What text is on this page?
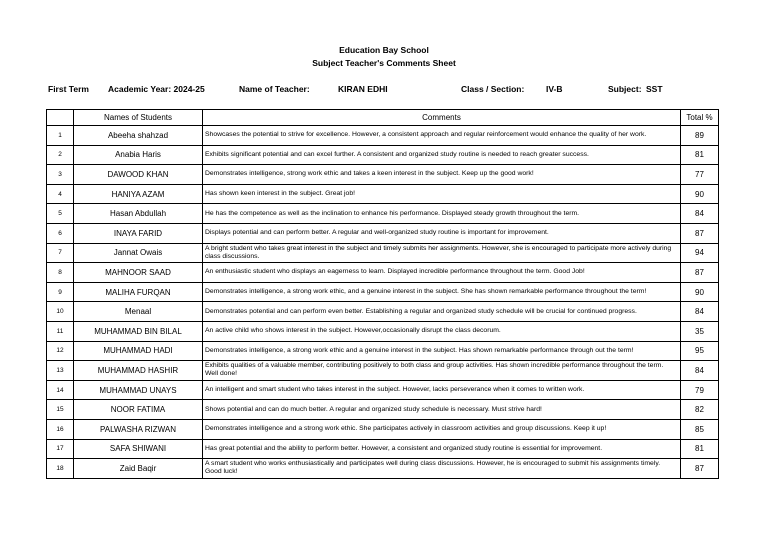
Education Bay School
Subject Teacher's Comments Sheet
First Term Academic Year: 2024-25	Name of Teacher:	KIRAN EDHI	Class / Section:	IV-B	Subject: SST
	Names of Students	Comments	Total %
1	Abeeha shahzad	Showcases the potential to strive for excellence. However, a consistent approach and regular reinforcement would enhance the quality of her work.	89
2	Anabia Haris	Exhibits significant potential and can excel further. A consistent and organized study routine is needed to reach greater success.	81
3	DAWOOD KHAN	Demonstrates intelligence, strong work ethic and takes a keen interest in the subject. Keep up the good work!	77
4	HANIYA AZAM	Has shown keen interest in the subject. Great job!	90
5	Hasan Abdullah	He has the competence as well as the inclination to enhance his performance. Displayed steady growth throughout the term.	84
6	INAYA FARID	Displays potential and can perform better. A regular and well-organized study routine is important for improvement.	87
7	Jannat Owais	A bright student who takes great interest in the subject and timely submits her assignments. However, she is encouraged to participate more actively during class discussions.	94
8	MAHNOOR SAAD	An enthusiastic student who displays an eagerness to learn. Displayed incredible performance throughout the term. Good Job!	87
9	MALIHA FURQAN	Demonstrates intelligence, a strong work ethic, and a genuine interest in the subject. She has shown remarkable performance throughout the term!	90
10	Menaal	Demonstrates potential and can perform even better. Establishing a regular and organized study schedule will be crucial for continued progress.	84
11	MUHAMMAD BIN BILAL	An active child who shows interest in the subject. However,occasionally disrupt the class decorum.	35
12	MUHAMMAD HADI	Demonstrates intelligence, a strong work ethic and a genuine interest in the subject. Has shown remarkable performance through out the term!	95
13	MUHAMMAD HASHIR	Exhibits qualities of a valuable member, contributing positively to both class and group activities. Has shown incredible performance throughout the term. Well done!	84
14	MUHAMMAD UNAYS	An intelligent and smart student who takes interest in the subject. However, lacks perseverance when it comes to written work.	79
15	NOOR FATIMA	Shows potential and can do much better. A regular and organized study schedule is necessary. Must strive hard!	82
16	PALWASHA RIZWAN	Demonstrates intelligence and a strong work ethic. She participates actively in classroom activities and group discussions. Keep it up!	85
17	SAFA SHIWANI	Has great potential and the ability to perform better. However, a consistent and organized study routine is essential for improvement.	81
18	Zaid Baqir	A smart student who works enthusiastically and participates well during class discussions. However, he is encouraged to submit his assignments timely. Good luck!	87
